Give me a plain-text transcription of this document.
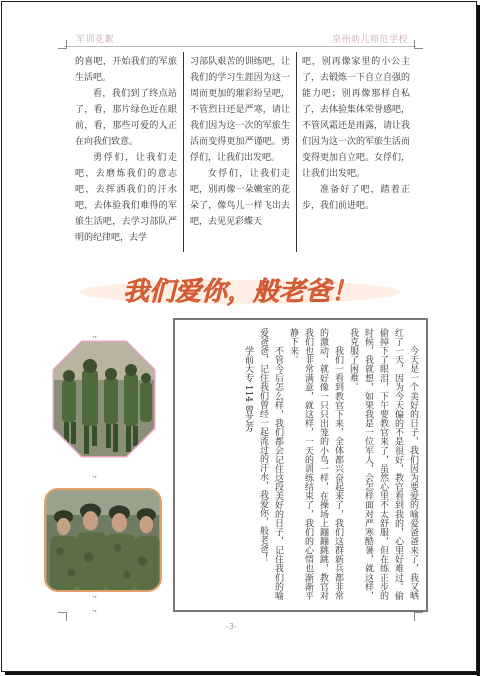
军训花絮	泉州幼儿师范学校

的喜吧，开始我们的军旅生活吧。

看，我们到了终点站了，看，那片绿色近在眼前，看，那些可爱的人正在向我们致意。

勇俘们，让我们走吧，去磨炼我们的意志吧，去挥洒我们的汗水吧，去体验我们难得的军旅生活吧，去学习部队严明的纪律吧，去学

习部队艰苦的训练吧，让我们的学习生涯因为这一周而更加的璀彩纷呈吧，不管烈日还是严寒，请让我们因为这一次的军旅生活而变得更加严谨吧。勇俘们，让我们出发吧。

女俘们，让我们走吧，别再像一朵嫩室的花朵了，像鸟儿一样飞出去吧，去见见彩蝶天

吧，别再像家里的小公主了，去锻炼一下自立自强的能力吧；别再像那样自私了，去体验集体荣誉感吧，不管风霜还是雨露，请让我们因为这一次的军旅生活而变得更加自立吧。女俘们，让我们出发吧。

准备好了吧，踏着正步，我们前进吧。

我们爱你，般老爸！
.,
.,
.,
.,

今天是一个美好的日子，我们因为要爱的喻爱爸爸来了，我又晒红了一天，因为今天偏的不是很好，教官看到我的，心里好难过。偷偷掉下了眼泪，下午要教官来了，虽然心里不太舒服，但在练正步的时候，我就想，如果我是一位军人，会怎样面对严寒酷暑，就这样，我克服了困难。

我们一看到教官下来，全体都兴奋起来了，我们这群新兵都非常的激动，就好像一只只出笼的小鸟一样，在操场上蹦蹦跳跳，教官对我们也非常满意，就这样，一天的训练结束了，我们的心情也渐渐平静下来。

不管今后怎么样，我们都会记住这段美好的日子，记住我们的喻爱爸爸，记住我们曾经一起流过的汗水，我爱你，般老爸！

学前大专 114 曾艺芳

-3-
